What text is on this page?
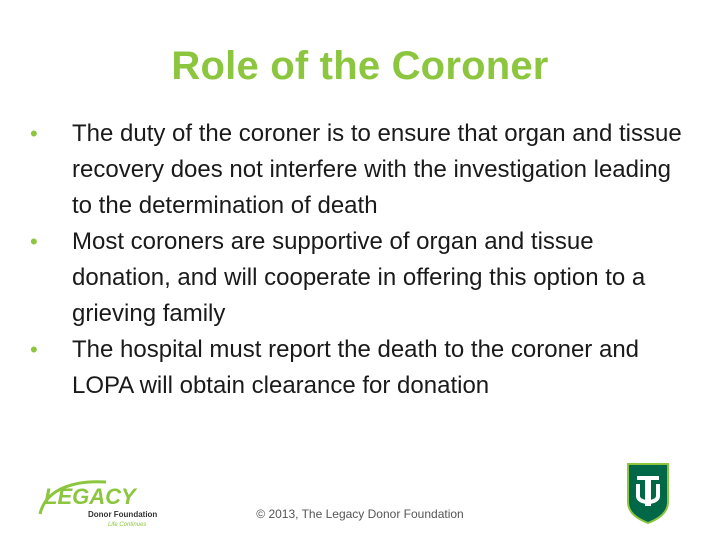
Role of the Coroner
•	The duty of the coroner is to ensure that organ and tissue recovery does not interfere with the investigation leading to the determination of death
•	Most coroners are supportive of organ and tissue donation, and will cooperate in offering this option to a grieving family
•	The hospital must report the death to the coroner and LOPA will obtain clearance for donation
LEGACY
Donor Foundation
Life Continues
© 2013, The Legacy Donor Foundation
